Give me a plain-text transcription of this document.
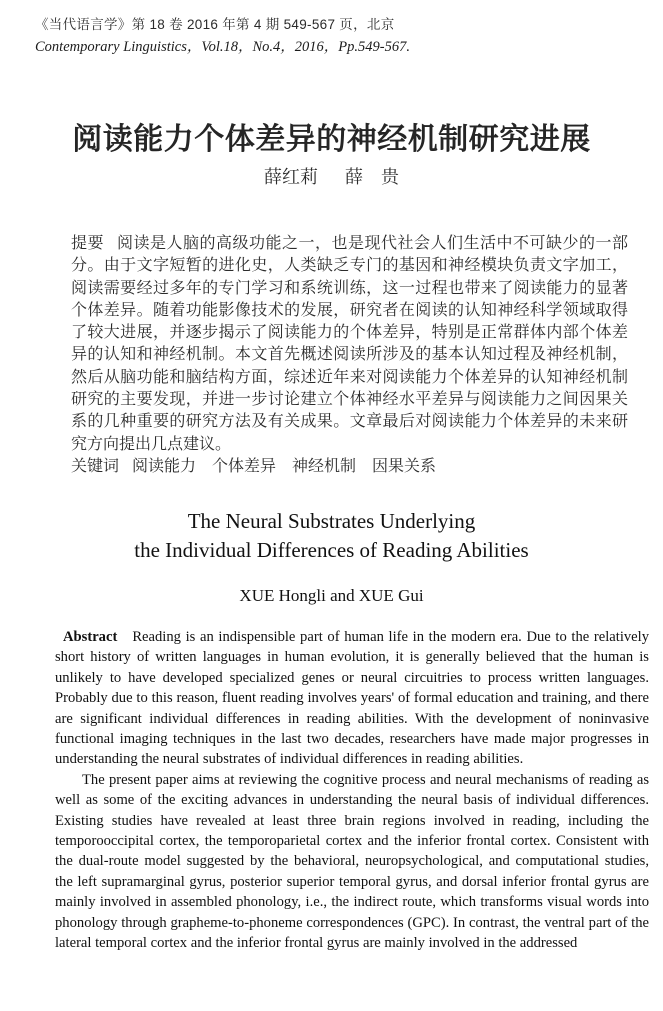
《当代语言学》第 18 卷 2016 年第 4 期 549-567 页，北京
Contemporary Linguistics，Vol.18，No.4，2016，Pp.549-567.
阅读能力个体差异的神经机制研究进展
薛红莉 薛　贵

提要 阅读是人脑的高级功能之一，也是现代社会人们生活中不可缺少的一部分。由于文字短暂的进化史，人类缺乏专门的基因和神经模块负责文字加工，阅读需要经过多年的专门学习和系统训练，这一过程也带来了阅读能力的显著个体差异。随着功能影像技术的发展，研究者在阅读的认知神经科学领域取得了较大进展，并逐步揭示了阅读能力的个体差异，特别是正常群体内部个体差异的认知和神经机制。本文首先概述阅读所涉及的基本认知过程及神经机制，然后从脑功能和脑结构方面，综述近年来对阅读能力个体差异的认知神经机制研究的主要发现，并进一步讨论建立个体神经水平差异与阅读能力之间因果关系的几种重要的研究方法及有关成果。文章最后对阅读能力个体差异的未来研究方向提出几点建议。

关键词 阅读能力　个体差异　神经机制　因果关系

The Neural Substrates Underlying
the Individual Differences of Reading Abilities
XUE Hongli and XUE Gui

Abstract Reading is an indispensible part of human life in the modern era. Due to the relatively short history of written languages in human evolution, it is generally believed that the human is unlikely to have developed specialized genes or neural circuitries to process written languages. Probably due to this reason, fluent reading involves years' of formal education and training, and there are significant individual differences in reading abilities. With the development of noninvasive functional imaging techniques in the last two decades, researchers have made major progresses in understanding the neural substrates of individual differences in reading abilities.

The present paper aims at reviewing the cognitive process and neural mechanisms of reading as well as some of the exciting advances in understanding the neural basis of individual differences. Existing studies have revealed at least three brain regions involved in reading, including the temporooccipital cortex, the temporoparietal cortex and the inferior frontal cortex. Consistent with the dual-route model suggested by the behavioral, neuropsychological, and computational studies, the left supramarginal gyrus, posterior superior temporal gyrus, and dorsal inferior frontal gyrus are mainly involved in assembled phonology, i.e., the indirect route, which transforms visual words into phonology through grapheme-to-phoneme correspondences (GPC). In contrast, the ventral part of the lateral temporal cortex and the inferior frontal gyrus are mainly involved in the addressed
